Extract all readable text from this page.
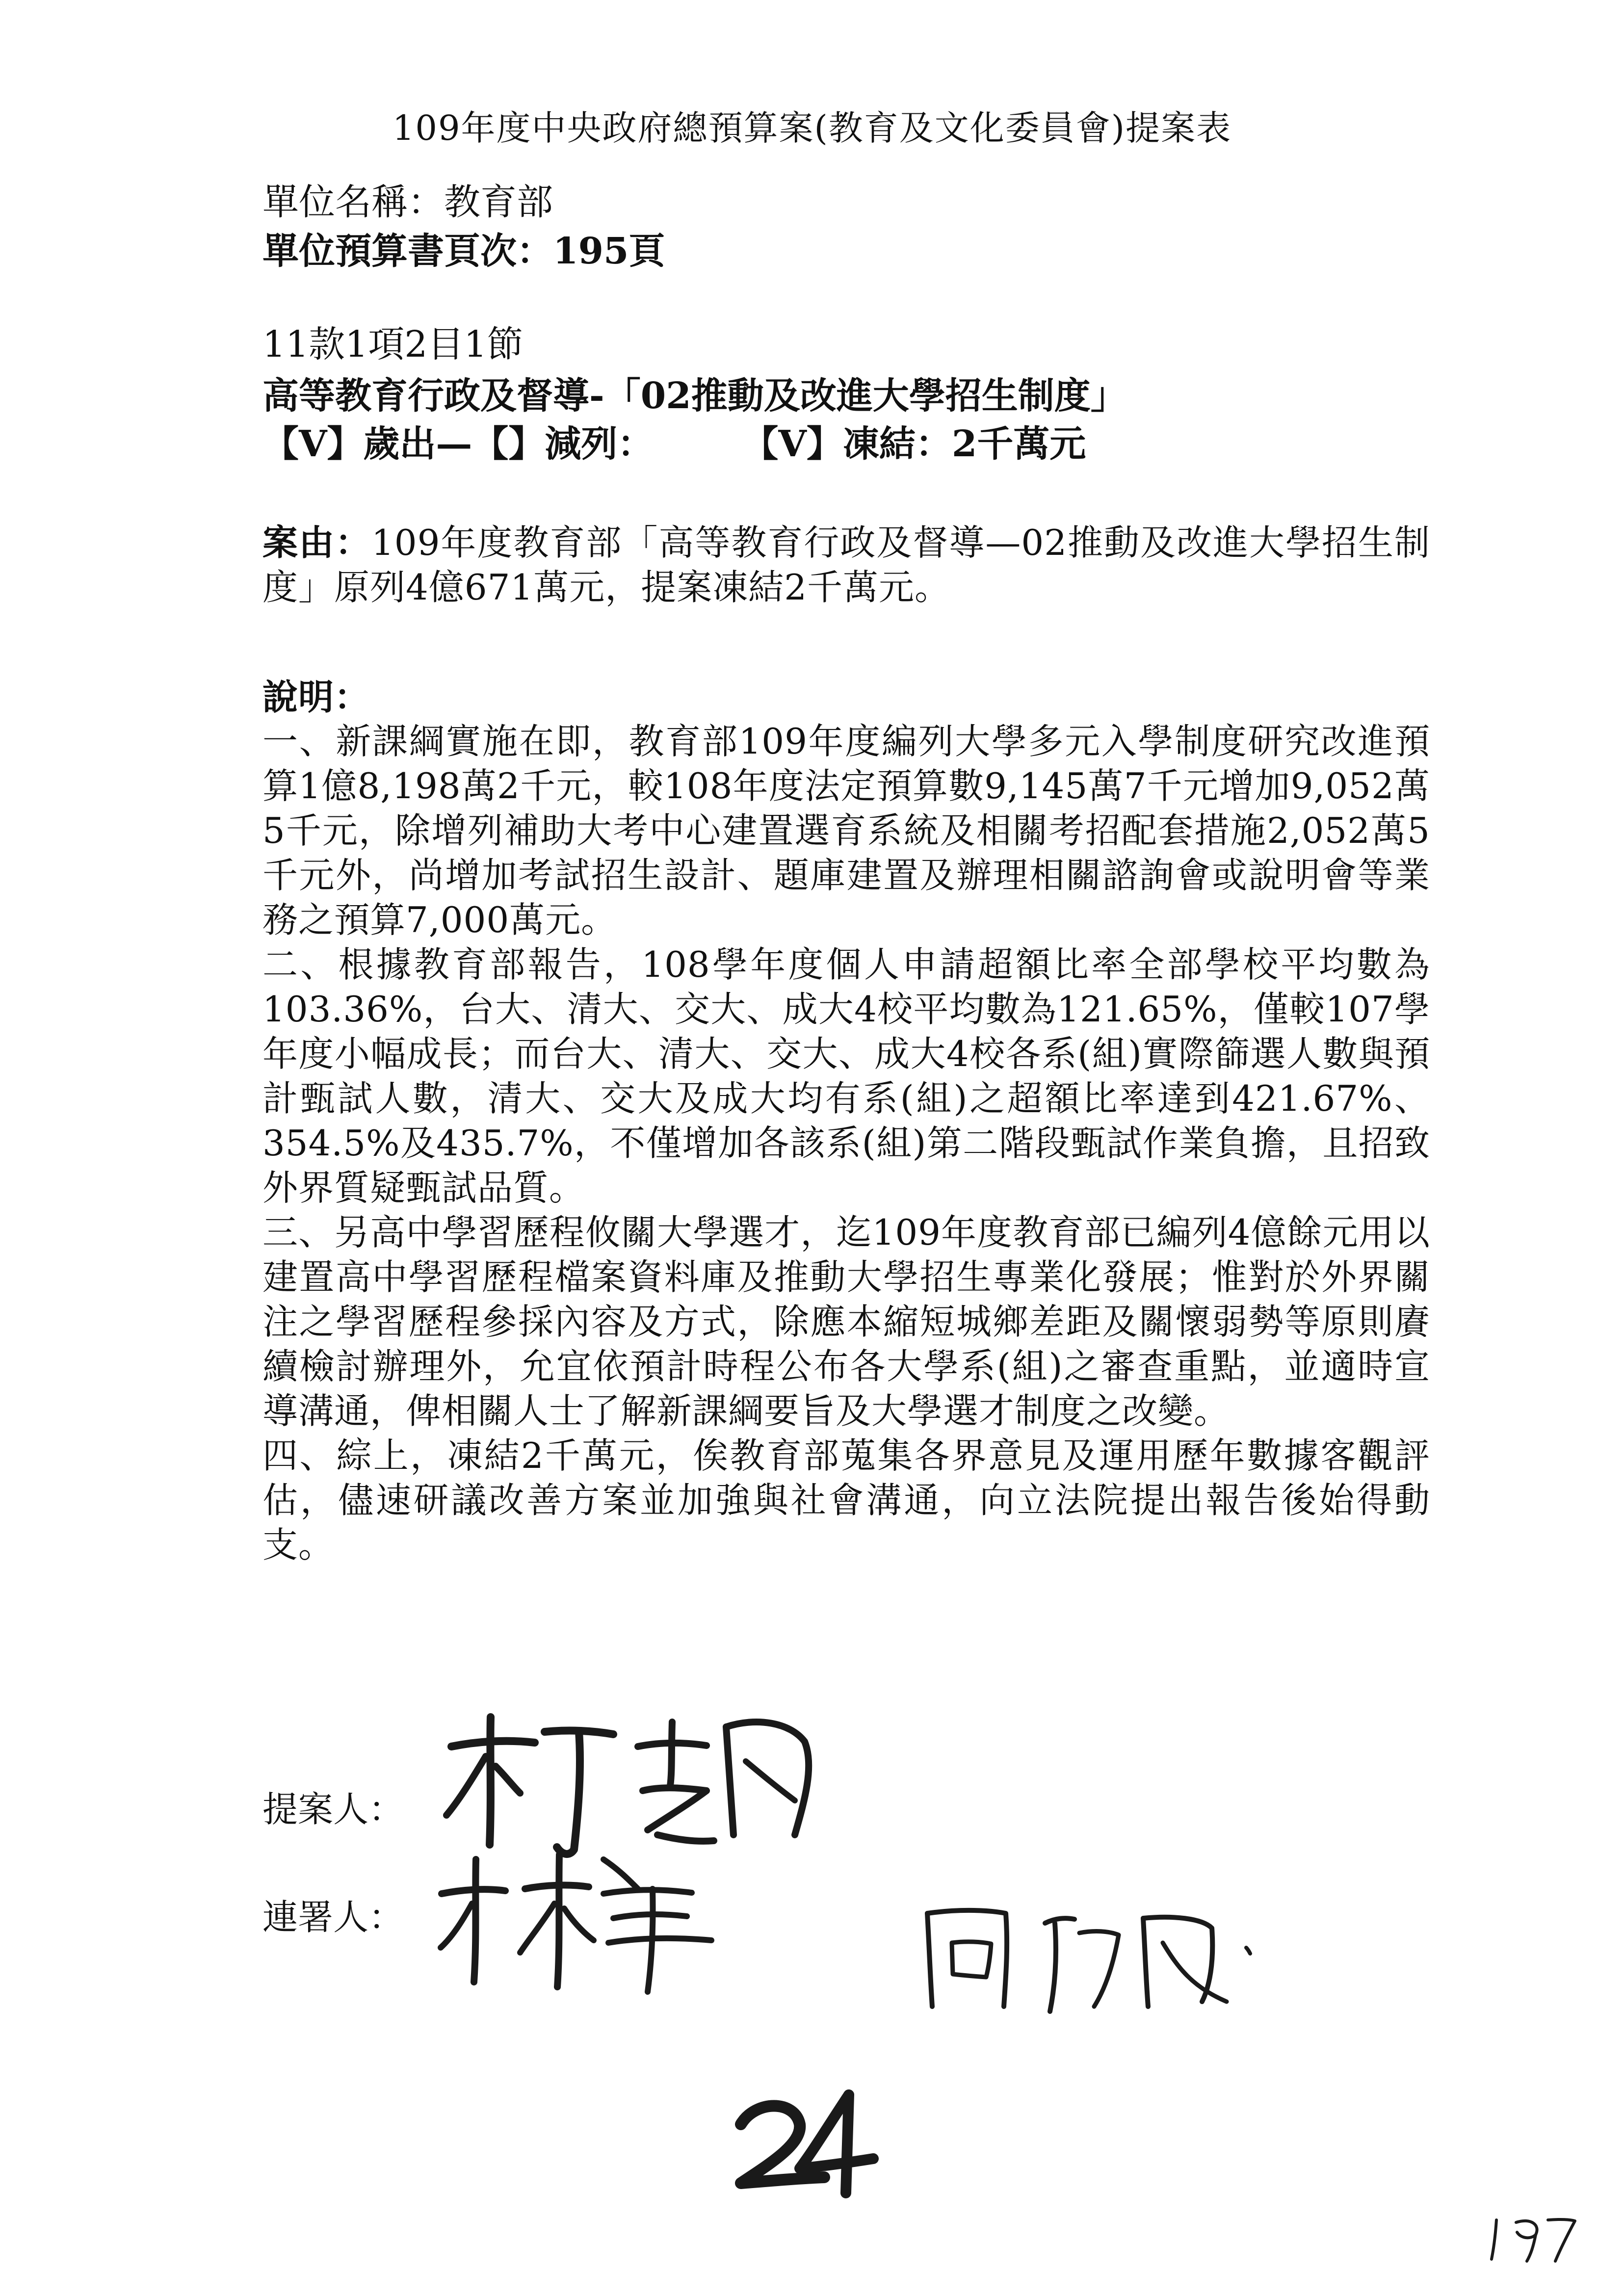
109年度中央政府總預算案(教育及文化委員會)提案表
單位名稱：教育部
單位預算書頁次：195頁
11款1項2目1節
高等教育行政及督導-「02推動及改進大學招生制度」
【V】歲出—【】減列： 【V】凍結：2千萬元

案由：109年度教育部「高等教育行政及督導—02推動及改進大學招生制度」原列4億671萬元，提案凍結2千萬元。

說明：

一、新課綱實施在即，教育部109年度編列大學多元入學制度研究改進預算1億8,198萬2千元，較108年度法定預算數9,145萬7千元增加9,052萬5千元，除增列補助大考中心建置選育系統及相關考招配套措施2,052萬5千元外，尚增加考試招生設計、題庫建置及辦理相關諮詢會或說明會等業務之預算7,000萬元。

二、根據教育部報告，108學年度個人申請超額比率全部學校平均數為103.36%，台大、清大、交大、成大4校平均數為121.65%，僅較107學年度小幅成長；而台大、清大、交大、成大4校各系(組)實際篩選人數與預計甄試人數，清大、交大及成大均有系(組)之超額比率達到421.67%、354.5%及435.7%，不僅增加各該系(組)第二階段甄試作業負擔，且招致外界質疑甄試品質。

三、另高中學習歷程攸關大學選才，迄109年度教育部已編列4億餘元用以建置高中學習歷程檔案資料庫及推動大學招生專業化發展；惟對於外界關注之學習歷程參採內容及方式，除應本縮短城鄉差距及關懷弱勢等原則賡續檢討辦理外，允宜依預計時程公布各大學系(組)之審查重點，並適時宣導溝通，俾相關人士了解新課綱要旨及大學選才制度之改變。

四、綜上，凍結2千萬元，俟教育部蒐集各界意見及運用歷年數據客觀評估，儘速研議改善方案並加強與社會溝通，向立法院提出報告後始得動支。

提案人：
連署人：
